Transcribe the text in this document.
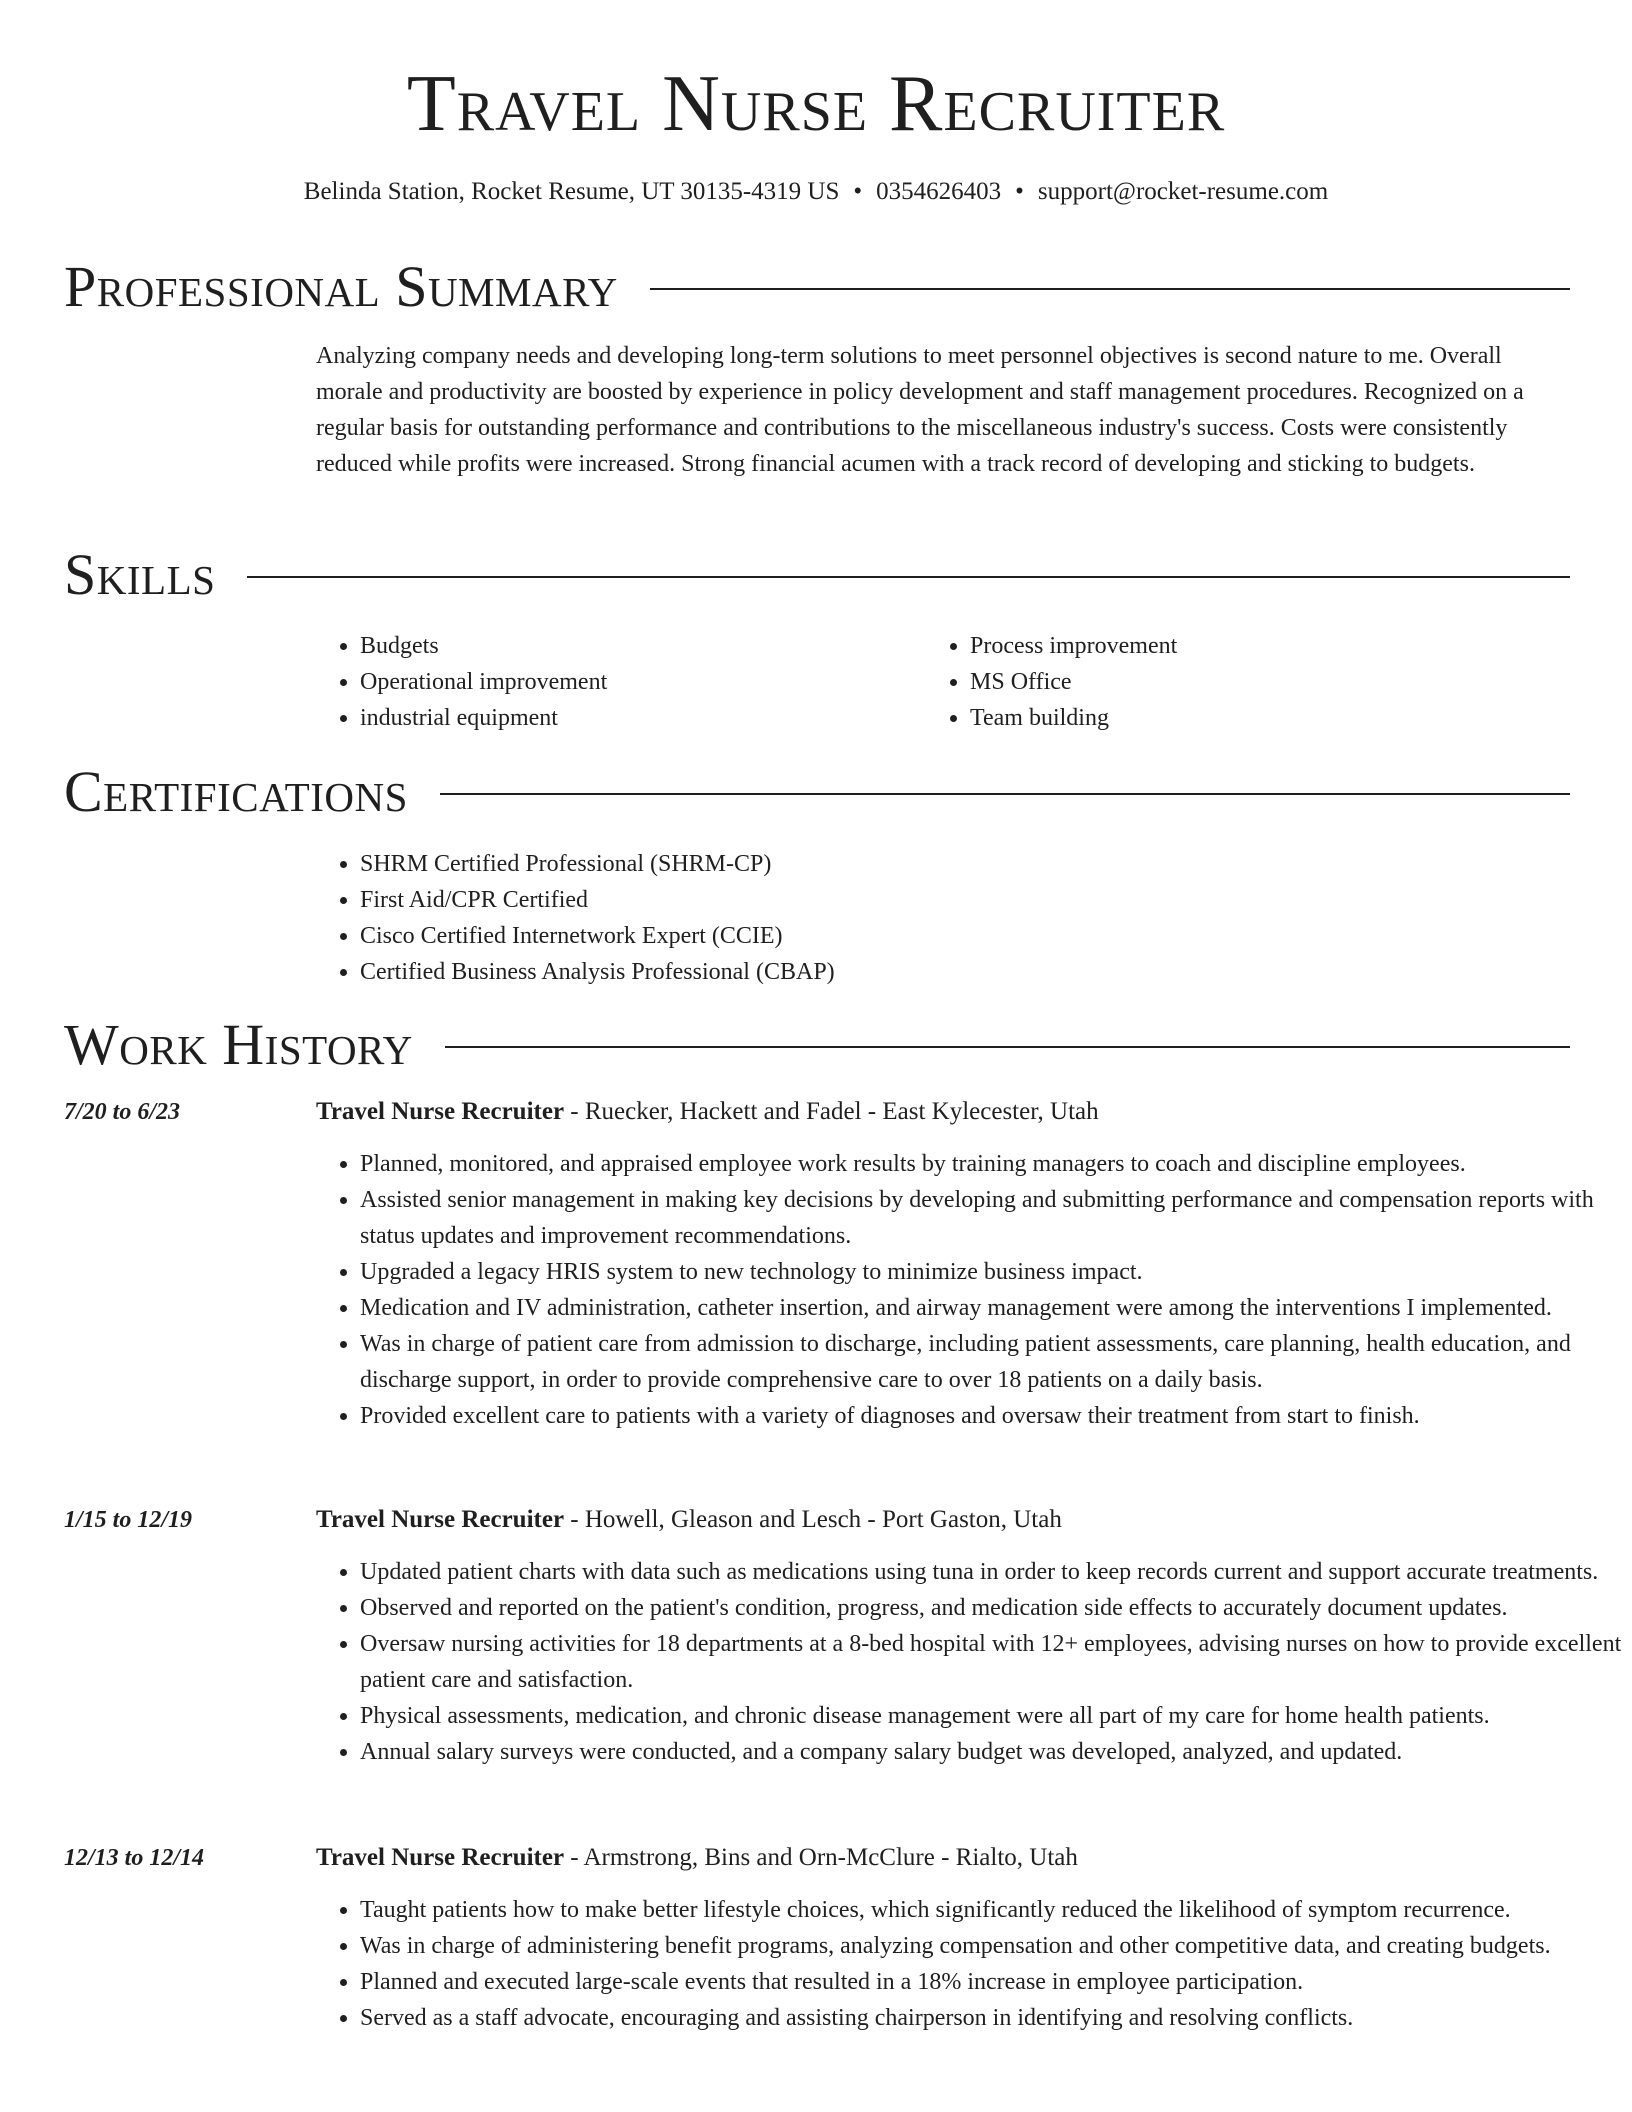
Travel Nurse Recruiter
Belinda Station, Rocket Resume, UT 30135-4319 US • 0354626403 • support@rocket-resume.com
Professional Summary

Analyzing company needs and developing long-term solutions to meet personnel objectives is second nature to me. Overall morale and productivity are boosted by experience in policy development and staff management procedures. Recognized on a regular basis for outstanding performance and contributions to the miscellaneous industry's success. Costs were consistently reduced while profits were increased. Strong financial acumen with a track record of developing and sticking to budgets.

Skills
• Budgets
• Operational improvement
• industrial equipment
• Process improvement
• MS Office
• Team building
Certifications
• SHRM Certified Professional (SHRM-CP)
• First Aid/CPR Certified
• Cisco Certified Internetwork Expert (CCIE)
• Certified Business Analysis Professional (CBAP)
Work History
7/20 to 6/23	Travel Nurse Recruiter - Ruecker, Hackett and Fadel - East Kylecester, Utah
• Planned, monitored, and appraised employee work results by training managers to coach and discipline employees.
• Assisted senior management in making key decisions by developing and submitting performance and compensation reports with status updates and improvement recommendations.
• Upgraded a legacy HRIS system to new technology to minimize business impact.
• Medication and IV administration, catheter insertion, and airway management were among the interventions I implemented.
• Was in charge of patient care from admission to discharge, including patient assessments, care planning, health education, and discharge support, in order to provide comprehensive care to over 18 patients on a daily basis.
• Provided excellent care to patients with a variety of diagnoses and oversaw their treatment from start to finish.
1/15 to 12/19	Travel Nurse Recruiter - Howell, Gleason and Lesch - Port Gaston, Utah
• Updated patient charts with data such as medications using tuna in order to keep records current and support accurate treatments.
• Observed and reported on the patient's condition, progress, and medication side effects to accurately document updates.
• Oversaw nursing activities for 18 departments at a 8-bed hospital with 12+ employees, advising nurses on how to provide excellent patient care and satisfaction.
• Physical assessments, medication, and chronic disease management were all part of my care for home health patients.
• Annual salary surveys were conducted, and a company salary budget was developed, analyzed, and updated.
12/13 to 12/14	Travel Nurse Recruiter - Armstrong, Bins and Orn-McClure - Rialto, Utah
• Taught patients how to make better lifestyle choices, which significantly reduced the likelihood of symptom recurrence.
• Was in charge of administering benefit programs, analyzing compensation and other competitive data, and creating budgets.
• Planned and executed large-scale events that resulted in a 18% increase in employee participation.
• Served as a staff advocate, encouraging and assisting chairperson in identifying and resolving conflicts.
